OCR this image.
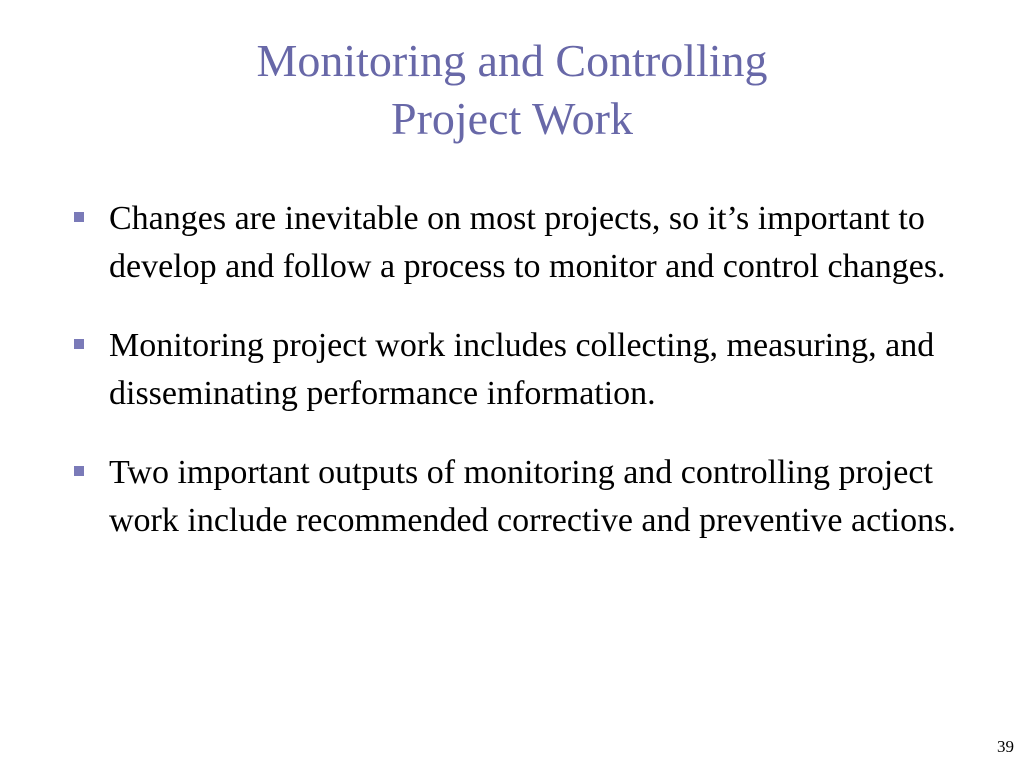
Monitoring and Controlling
Project Work
Changes are inevitable on most projects, so it’s important to develop and follow a process to monitor and control changes.
Monitoring project work includes collecting, measuring, and disseminating performance information.
Two important outputs of monitoring and controlling project work include recommended corrective and preventive actions.
39
